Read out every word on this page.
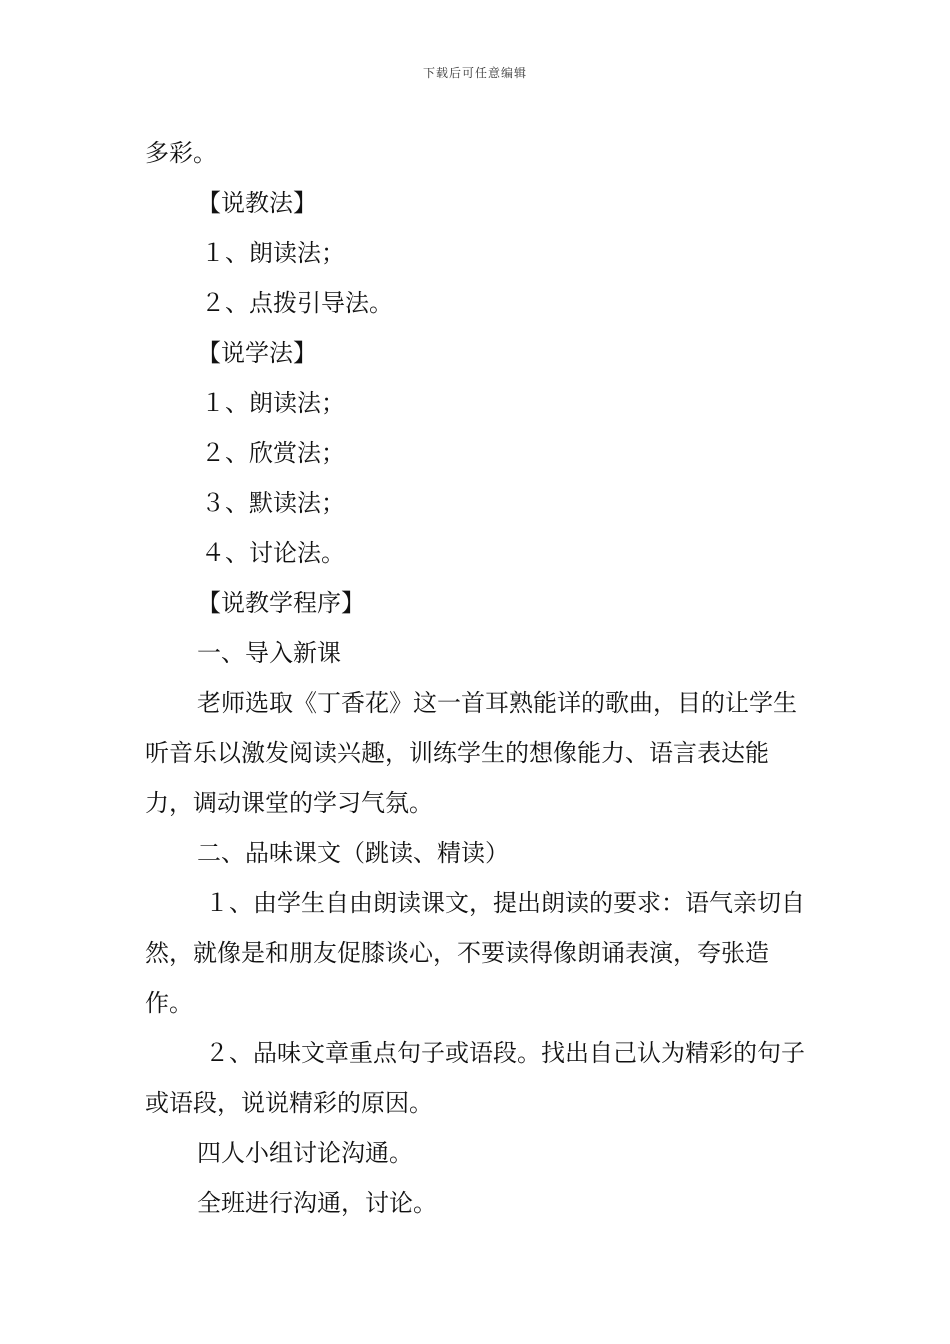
下载后可任意编辑

多彩。

【说教法】

１、朗读法；

２、点拨引导法。

【说学法】

１、朗读法；

２、欣赏法；

３、默读法；

４、讨论法。

【说教学程序】

一、导入新课

老师选取《丁香花》这一首耳熟能详的歌曲，目的让学生听音乐以激发阅读兴趣，训练学生的想像能力、语言表达能力，调动课堂的学习气氛。

二、品味课文（跳读、精读）

１、由学生自由朗读课文，提出朗读的要求：语气亲切自然，就像是和朋友促膝谈心，不要读得像朗诵表演，夸张造作。

２、品味文章重点句子或语段。找出自己认为精彩的句子或语段，说说精彩的原因。

四人小组讨论沟通。

全班进行沟通，讨论。
